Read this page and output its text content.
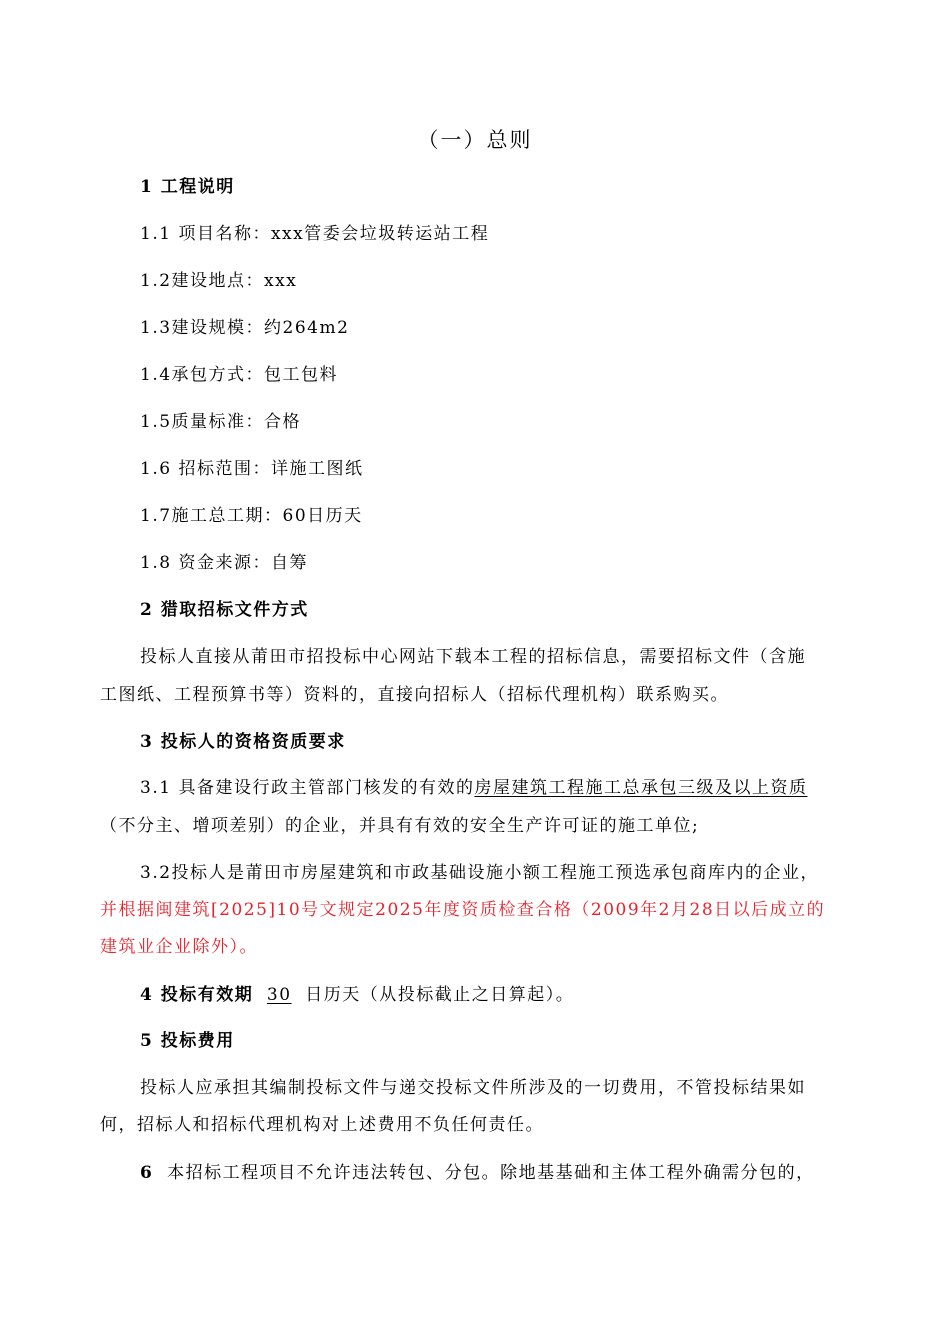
（一）总则
1 工程说明
1.1 项目名称：xxx管委会垃圾转运站工程
1.2建设地点：xxx
1.3建设规模：约264m2
1.4承包方式：包工包料
1.5质量标准：合格
1.6 招标范围：详施工图纸
1.7施工总工期：60日历天
1.8 资金来源：自筹
2 猎取招标文件方式
投标人直接从莆田市招投标中心网站下载本工程的招标信息，需要招标文件（含施
工图纸、工程预算书等）资料的，直接向招标人（招标代理机构）联系购买。
3 投标人的资格资质要求
3.1 具备建设行政主管部门核发的有效的房屋建筑工程施工总承包三级及以上资质
（不分主、增项差别）的企业，并具有有效的安全生产许可证的施工单位;
3.2投标人是莆田市房屋建筑和市政基础设施小额工程施工预选承包商库内的企业，
并根据闽建筑[2025]10号文规定2025年度资质检查合格（2009年2月28日以后成立的
建筑业企业除外）。
4 投标有效期 30 日历天（从投标截止之日算起）。
5 投标费用
投标人应承担其编制投标文件与递交投标文件所涉及的一切费用，不管投标结果如
何，招标人和招标代理机构对上述费用不负任何责任。
6 本招标工程项目不允许违法转包、分包。除地基基础和主体工程外确需分包的，
